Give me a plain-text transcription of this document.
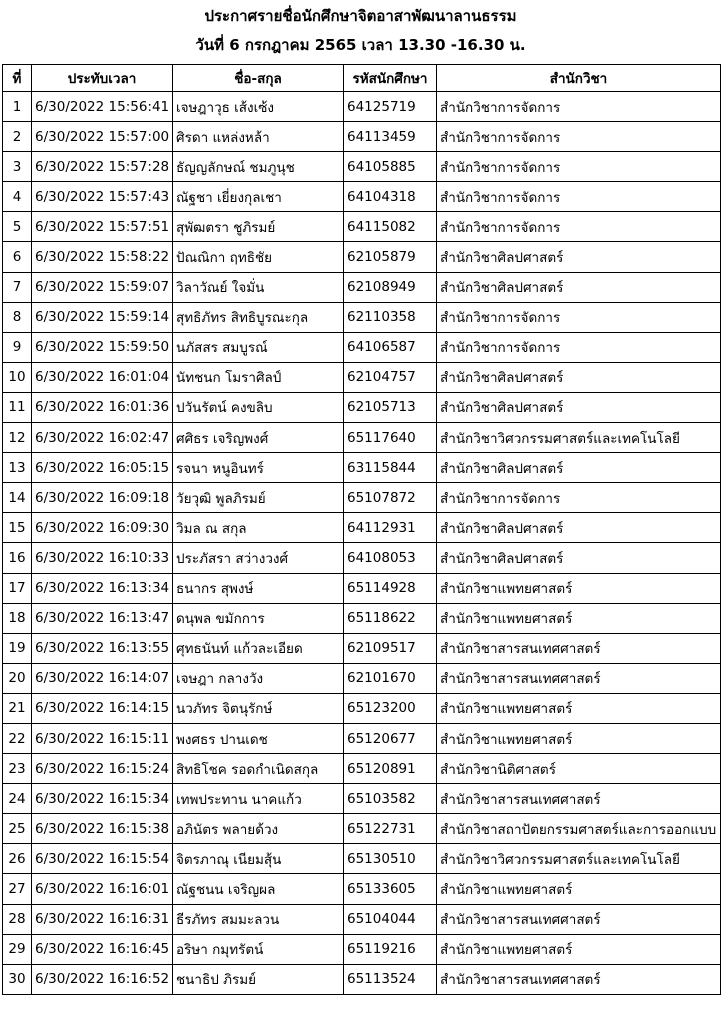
ประกาศรายชื่อนักศึกษาจิตอาสาพัฒนาลานธรรม
วันที่ 6 กรกฎาคม 2565 เวลา 13.30 -16.30 น.
ที่	ประทับเวลา	ชื่อ-สกุล	รหัสนักศึกษา	สำนักวิชา
1	6/30/2022 15:56:41	เจษฎาวุธ เส้งเซ้ง	64125719	สำนักวิชาการจัดการ
2	6/30/2022 15:57:00	ศิรดา แหล่งหล้า	64113459	สำนักวิชาการจัดการ
3	6/30/2022 15:57:28	ธัญญลักษณ์ ชมภูนุช	64105885	สำนักวิชาการจัดการ
4	6/30/2022 15:57:43	ณัฐชา เยี่ยงกุลเชา	64104318	สำนักวิชาการจัดการ
5	6/30/2022 15:57:51	สุพัฒตรา ชูภิรมย์	64115082	สำนักวิชาการจัดการ
6	6/30/2022 15:58:22	ปัณณิกา ฤทธิชัย	62105879	สำนักวิชาศิลปศาสตร์
7	6/30/2022 15:59:07	วิลาวัณย์ ใจมั่น	62108949	สำนักวิชาศิลปศาสตร์
8	6/30/2022 15:59:14	สุทธิภัทร สิทธิบูรณะกุล	62110358	สำนักวิชาการจัดการ
9	6/30/2022 15:59:50	นภัสสร สมบูรณ์	64106587	สำนักวิชาการจัดการ
10	6/30/2022 16:01:04	นัทชนก โมราศิลป์	62104757	สำนักวิชาศิลปศาสตร์
11	6/30/2022 16:01:36	ปวันรัตน์ คงขลิบ	62105713	สำนักวิชาศิลปศาสตร์
12	6/30/2022 16:02:47	ศศิธร เจริญพงศ์	65117640	สำนักวิชาวิศวกรรมศาสตร์และเทคโนโลยี
13	6/30/2022 16:05:15	รจนา หนูอินทร์	63115844	สำนักวิชาศิลปศาสตร์
14	6/30/2022 16:09:18	วัยวุฒิ พูลภิรมย์	65107872	สำนักวิชาการจัดการ
15	6/30/2022 16:09:30	วิมล ณ สกุล	64112931	สำนักวิชาศิลปศาสตร์
16	6/30/2022 16:10:33	ประภัสรา สว่างวงศ์	64108053	สำนักวิชาศิลปศาสตร์
17	6/30/2022 16:13:34	ธนากร สุพงษ์	65114928	สำนักวิชาแพทยศาสตร์
18	6/30/2022 16:13:47	ดนุพล ขมักการ	65118622	สำนักวิชาแพทยศาสตร์
19	6/30/2022 16:13:55	ศุทธนันท์ แก้วละเอียด	62109517	สำนักวิชาสารสนเทศศาสตร์
20	6/30/2022 16:14:07	เจษฎา กลางวัง	62101670	สำนักวิชาสารสนเทศศาสตร์
21	6/30/2022 16:14:15	นวภัทร จิตนุรักษ์	65123200	สำนักวิชาแพทยศาสตร์
22	6/30/2022 16:15:11	พงศธร ปานเดช	65120677	สำนักวิชาแพทยศาสตร์
23	6/30/2022 16:15:24	สิทธิโชค รอดกำเนิดสกุล	65120891	สำนักวิชานิติศาสตร์
24	6/30/2022 16:15:34	เทพประทาน นาคแก้ว	65103582	สำนักวิชาสารสนเทศศาสตร์
25	6/30/2022 16:15:38	อภินัตร พลายด้วง	65122731	สำนักวิชาสถาปัตยกรรมศาสตร์และการออกแบบ
26	6/30/2022 16:15:54	จิตรภาณุ เนียมสุ้น	65130510	สำนักวิชาวิศวกรรมศาสตร์และเทคโนโลยี
27	6/30/2022 16:16:01	ณัฐชนน เจริญผล	65133605	สำนักวิชาแพทยศาสตร์
28	6/30/2022 16:16:31	ธีรภัทร สมมะลวน	65104044	สำนักวิชาสารสนเทศศาสตร์
29	6/30/2022 16:16:45	อริษา กมุทรัตน์	65119216	สำนักวิชาแพทยศาสตร์
30	6/30/2022 16:16:52	ชนาธิป ภิรมย์	65113524	สำนักวิชาสารสนเทศศาสตร์
